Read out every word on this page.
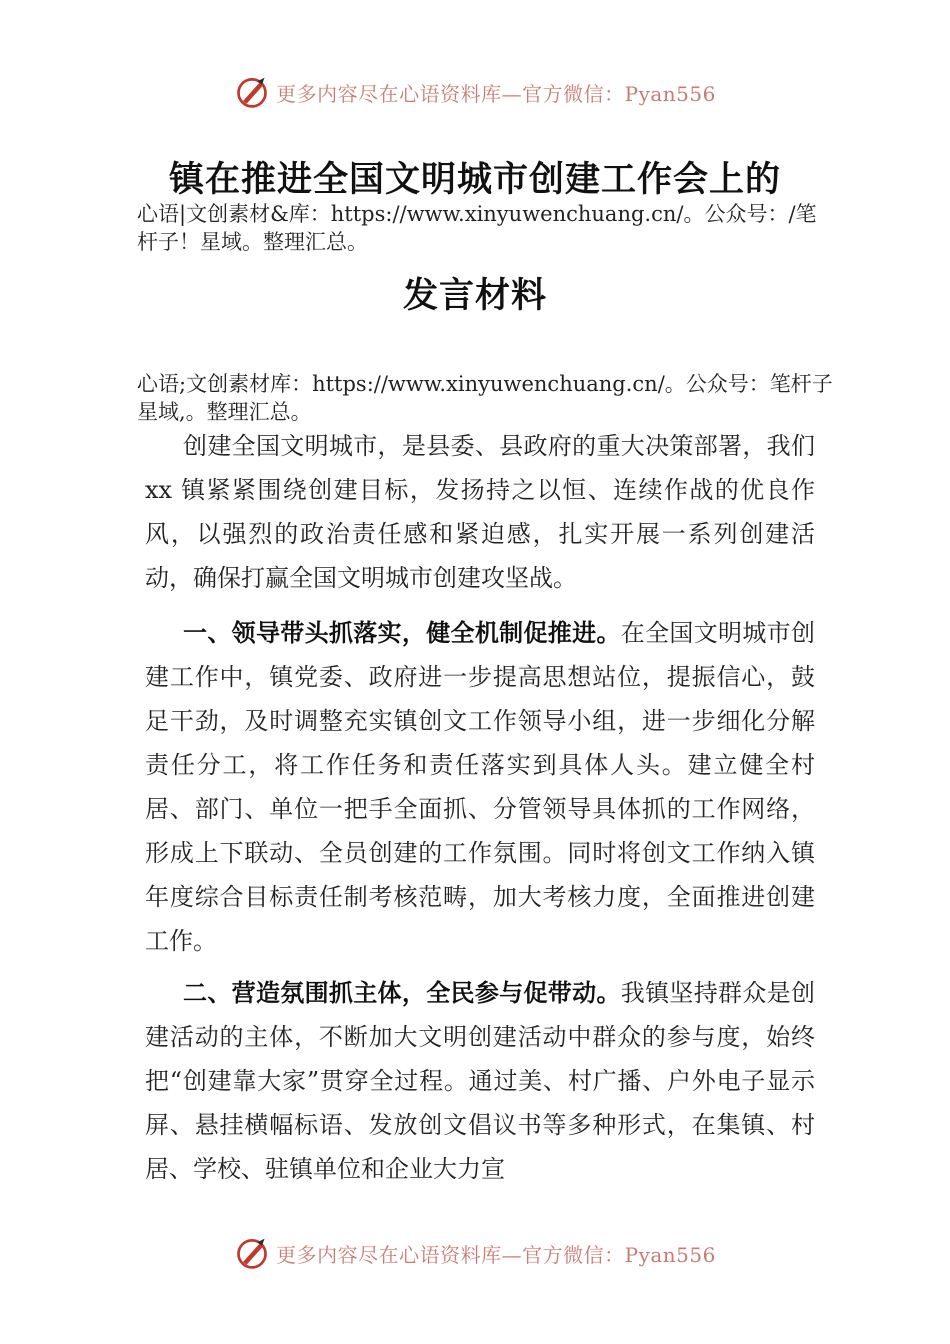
更多内容尽在心语资料库—官方微信：Pyan556
镇在推进全国文明城市创建工作会上的
心语|文创素材&库：https://www.xinyuwenchuang.cn/。公众号：/笔杆子！星域。整理汇总。
发言材料
心语;文创素材库：https://www.xinyuwenchuang.cn/。公众号：笔杆子星域,。整理汇总。
创建全国文明城市，是县委、县政府的重大决策部署，我们 xx 镇紧紧围绕创建目标，发扬持之以恒、连续作战的优良作风，以强烈的政治责任感和紧迫感，扎实开展一系列创建活动，确保打赢全国文明城市创建攻坚战。
一、领导带头抓落实，健全机制促推进。在全国文明城市创建工作中，镇党委、政府进一步提高思想站位，提振信心，鼓足干劲，及时调整充实镇创文工作领导小组，进一步细化分解责任分工，将工作任务和责任落实到具体人头。建立健全村居、部门、单位一把手全面抓、分管领导具体抓的工作网络，形成上下联动、全员创建的工作氛围。同时将创文工作纳入镇年度综合目标责任制考核范畴，加大考核力度，全面推进创建工作。
二、营造氛围抓主体，全民参与促带动。我镇坚持群众是创建活动的主体，不断加大文明创建活动中群众的参与度，始终把“创建靠大家”贯穿全过程。通过美、村广播、户外电子显示屏、悬挂横幅标语、发放创文倡议书等多种形式，在集镇、村居、学校、驻镇单位和企业大力宣
更多内容尽在心语资料库—官方微信：Pyan556
